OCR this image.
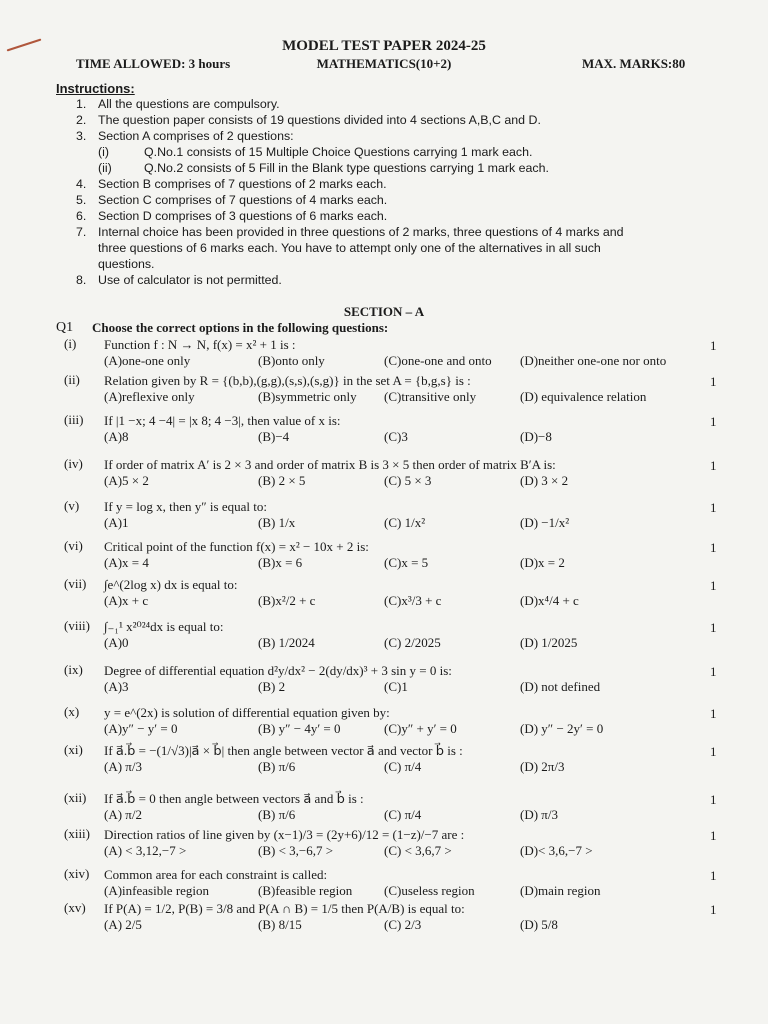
MODEL TEST PAPER 2024-25
TIME ALLOWED: 3 hours	MATHEMATICS(10+2)	MAX. MARKS:80
Instructions:
1. All the questions are compulsory.
2. The question paper consists of 19 questions divided into 4 sections A,B,C and D.
3. Section A comprises of 2 questions:
(i)	Q.No.1 consists of 15 Multiple Choice Questions carrying 1 mark each.
(ii)	Q.No.2 consists of 5 Fill in the Blank type questions carrying 1 mark each.
4. Section B comprises of 7 questions of 2 marks each.
5. Section C comprises of 7 questions of 4 marks each.
6. Section D comprises of 3 questions of 6 marks each.
7. Internal choice has been provided in three questions of 2 marks, three questions of 4 marks and
three questions of 6 marks each. You have to attempt only one of the alternatives in all such
questions.
8. Use of calculator is not permitted.
SECTION – A
Q1 Choose the correct options in the following questions:
(i) Function f : N → N, f(x) = x² + 1 is :
(A)one-one only	(B)onto only	(C)one-one and onto (D)neither one-one nor onto
1
(ii) Relation given by R = {(b,b),(g,g),(s,s),(s,g)} in the set A = {b,g,s} is :
(A)reflexive only	(B)symmetric only (C)transitive only	(D) equivalence relation
1
(iii) If |1 −x; 4 −4| = |x 8; 4 −3|, then value of x is:
(A)8	(B)−4	(C)3	(D)−8
1
(iv) If order of matrix A′ is 2 × 3 and order of matrix B is 3 × 5 then order of matrix B′A is:
(A)5 × 2	(B) 2 × 5	(C) 5 × 3	(D) 3 × 2
1
(v) If y = log x, then y″ is equal to:
(A)1	(B) 1/x	(C) 1/x²	(D) −1/x²
1
(vi) Critical point of the function f(x) = x² − 10x + 2 is:
(A)x = 4	(B)x = 6	(C)x = 5	(D)x = 2
1
(vii) ∫e^(2log x) dx is equal to:
(A)x + c	(B)x²/2 + c	(C)x³/3 + c	(D)x⁴/4 + c
1
(viii) ∫₋₁¹ x²⁰²⁴dx is equal to:
(A)0	(B) 1/2024	(C) 2/2025	(D) 1/2025
1
(ix) Degree of differential equation d²y/dx² − 2(dy/dx)³ + 3 sin y = 0 is:
(A)3	(B) 2	(C)1	(D) not defined
1
(x) y = e^(2x) is solution of differential equation given by:
(A)y″ − y′ = 0	(B) y″ − 4y′ = 0	(C)y″ + y′ = 0	(D) y″ − 2y′ = 0
1
(xi) If a⃗.b⃗ = −(1/√3)|a⃗ × b⃗| then angle between vector a⃗ and vector b⃗ is :
(A) π/3	(B) π/6	(C) π/4	(D) 2π/3
1
(xii) If a⃗.b⃗ = 0 then angle between vectors a⃗ and b⃗ is :
(A) π/2	(B) π/6	(C) π/4	(D) π/3
1
(xiii) Direction ratios of line given by (x−1)/3 = (2y+6)/12 = (1−z)/−7 are :
(A) < 3,12,−7 >	(B) < 3,−6,7 >	(C) < 3,6,7 >	(D)< 3,6,−7 >
1
(xiv) Common area for each constraint is called:
(A)infeasible region	(B)feasible region (C)useless region	(D)main region
1
(xv) If P(A) = 1/2, P(B) = 3/8 and P(A ∩ B) = 1/5 then P(A/B) is equal to:
(A) 2/5	(B) 8/15	(C) 2/3	(D) 5/8
1
